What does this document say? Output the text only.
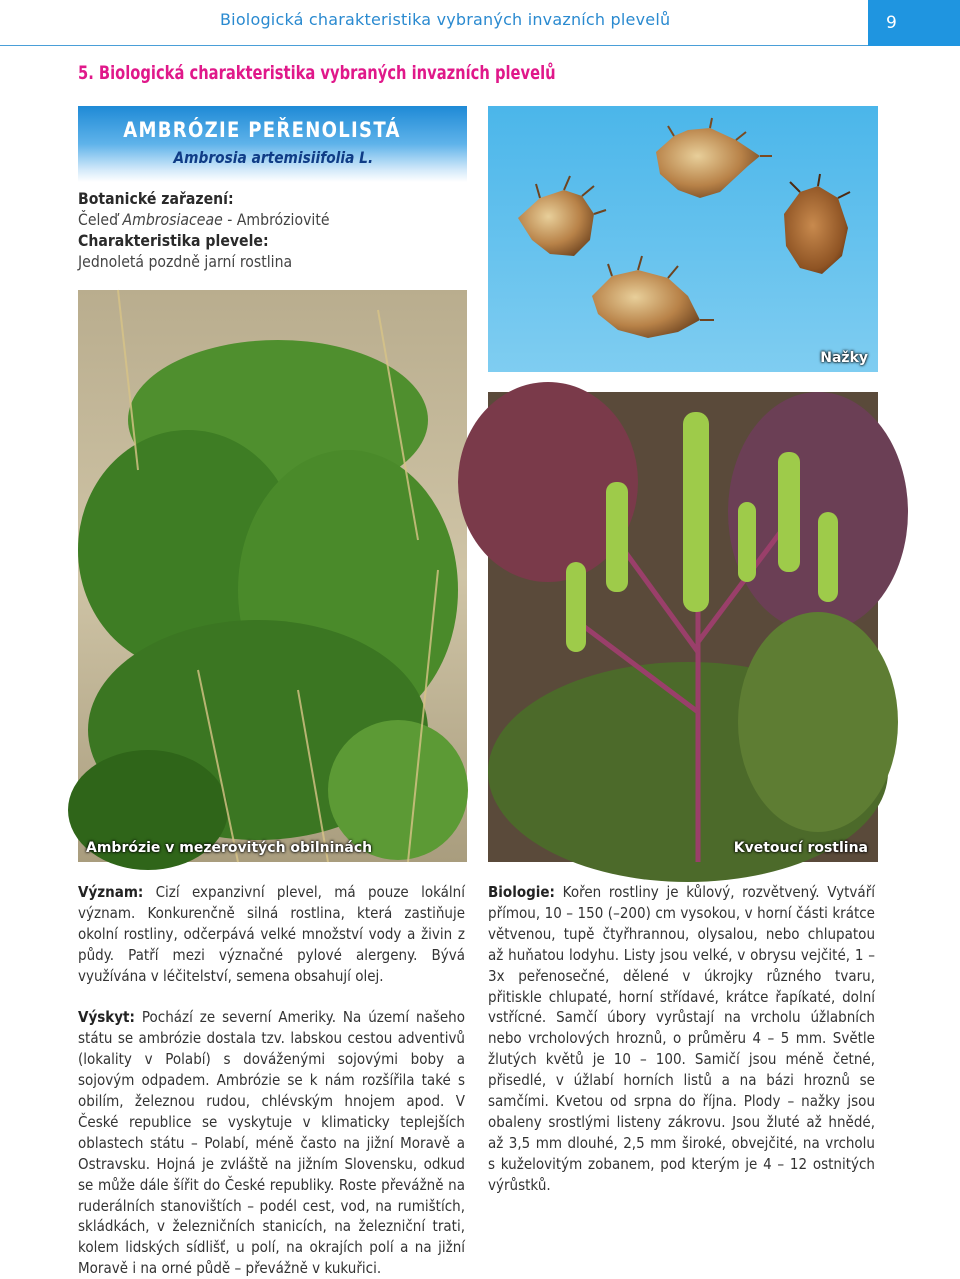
Biologická charakteristika vybraných invazních plevelů	9
5. Biologická charakteristika vybraných invazních plevelů
AMBRÓZIE PEŘENOLISTÁ
Ambrosia artemisiifolia L.
Botanické zařazení:
Čeleď Ambrosiaceae - Ambróziovité
Charakteristika plevele:
Jednoletá pozdně jarní rostlina
Nažky
Ambrózie v mezerovitých obilninách	Kvetoucí rostlina

Význam: Cizí expanzivní plevel, má pouze lokální význam. Konkurenčně silná rostlina, která zastiňuje okolní rostliny, odčerpává velké množství vody a živin z půdy. Patří mezi význačné pylové alergeny. Bývá využívána v léčitelství, semena obsahují olej.

Výskyt: Pochází ze severní Ameriky. Na území našeho státu se ambrózie dostala tzv. labskou cestou adventivů (lokality v Polabí) s dováženými sojovými boby a sojovým odpadem. Ambrózie se k nám rozšířila také s obilím, železnou rudou, chlévským hnojem apod. V České republice se vyskytuje v klimaticky teplejších oblastech státu – Polabí, méně často na jižní Moravě a Ostravsku. Hojná je zvláště na jižním Slovensku, odkud se může dále šířit do České republiky. Roste převážně na ruderálních stanovištích – podél cest, vod, na rumištích, skládkách, v železničních stanicích, na železniční trati, kolem lidských sídlišť, u polí, na okrajích polí a na jižní Moravě i na orné půdě – převážně v kukuřici.

Biologie: Kořen rostliny je kůlový, rozvětvený. Vytváří přímou, 10 – 150 (–200) cm vysokou, v horní části krátce větvenou, tupě čtyřhrannou, olysalou, nebo chlupatou až huňatou lodyhu. Listy jsou velké, v obrysu vejčité, 1 – 3x peřenosečné, dělené v úkrojky různého tvaru, přitiskle chlupaté, horní střídavé, krátce řapíkaté, dolní vstřícné. Samčí úbory vyrůstají na vrcholu úžlabních nebo vrcholových hroznů, o průměru 4 – 5 mm. Světle žlutých květů je 10 – 100. Samičí jsou méně četné, přisedlé, v úžlabí horních listů a na bázi hroznů se samčími. Kvetou od srpna do října. Plody – nažky jsou obaleny srostlými listeny zákrovu. Jsou žluté až hnědé, až 3,5 mm dlouhé, 2,5 mm široké, obvejčité, na vrcholu s kuželovitým zobanem, pod kterým je 4 – 12 ostnitých výrůstků.
